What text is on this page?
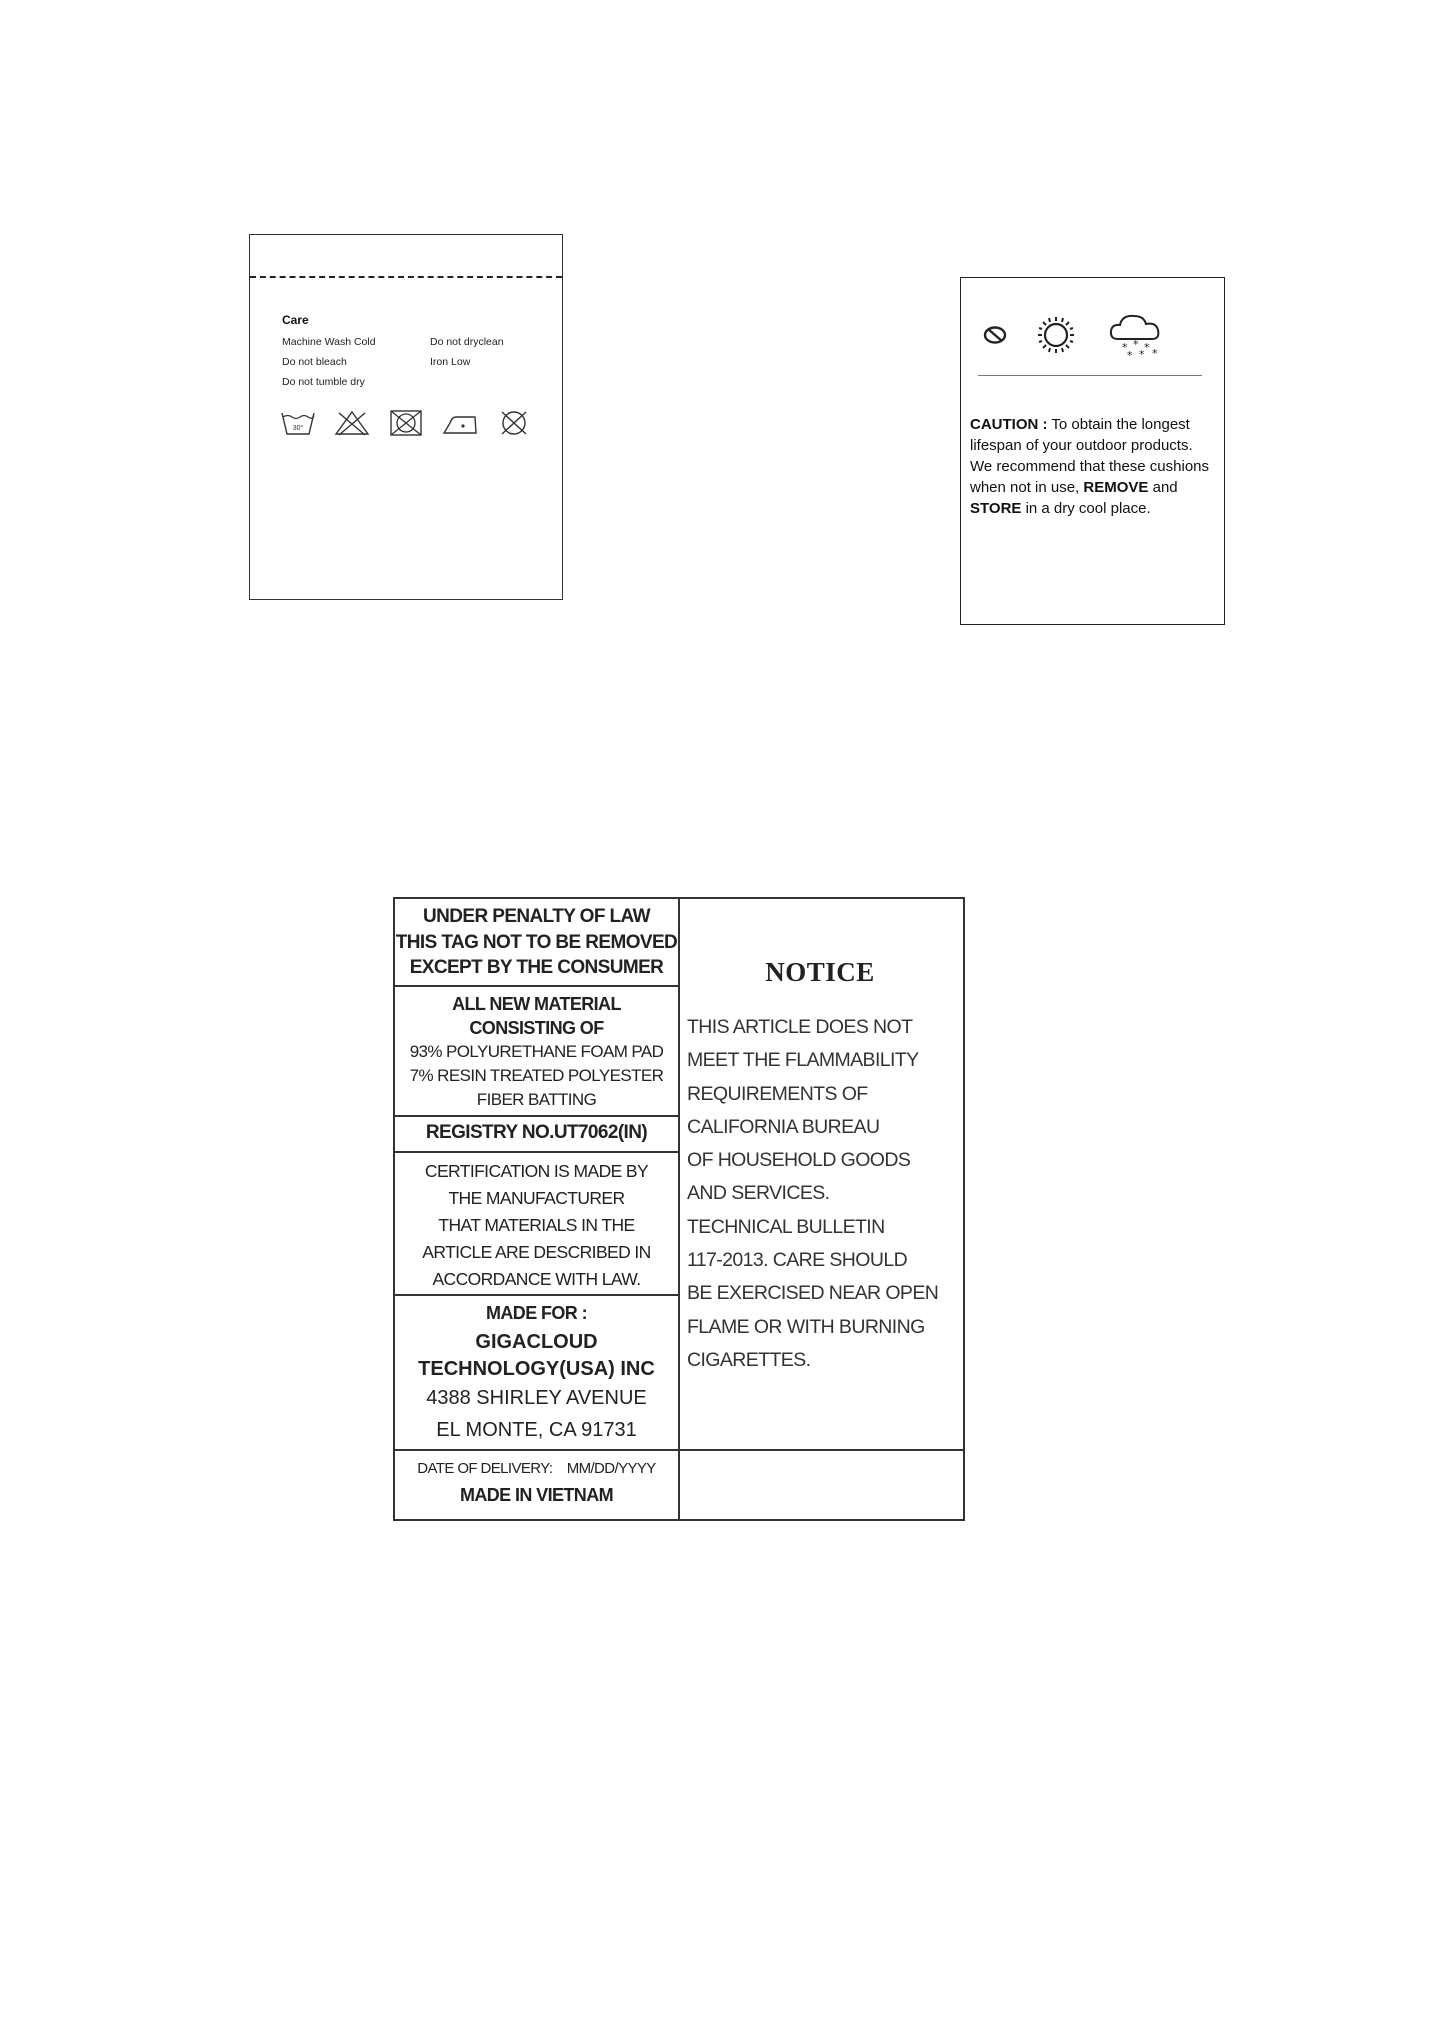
Care
Machine Wash Cold	Do not dryclean
Do not bleach	Iron Low
Do not tumble dry
30°
* * *
* * *
CAUTION : To obtain the longest lifespan of your outdoor products. We recommend that these cushions when not in use, REMOVE and STORE in a dry cool place.
UNDER PENALTY OF LAW
THIS TAG NOT TO BE REMOVED
EXCEPT BY THE CONSUMER
ALL NEW MATERIAL
CONSISTING OF
93% POLYURETHANE FOAM PAD
7% RESIN TREATED POLYESTER
FIBER BATTING
REGISTRY NO.UT7062(IN)
CERTIFICATION IS MADE BY
THE MANUFACTURER
THAT MATERIALS IN THE
ARTICLE ARE DESCRIBED IN
ACCORDANCE WITH LAW.
MADE FOR :
GIGACLOUD
TECHNOLOGY(USA) INC
4388 SHIRLEY AVENUE
EL MONTE, CA 91731
DATE OF DELIVERY: MM/DD/YYYY
MADE IN VIETNAM
NOTICE
THIS ARTICLE DOES NOT
MEET THE FLAMMABILITY
REQUIREMENTS OF
CALIFORNIA BUREAU
OF HOUSEHOLD GOODS
AND SERVICES.
TECHNICAL BULLETIN
117-2013. CARE SHOULD
BE EXERCISED NEAR OPEN
FLAME OR WITH BURNING
CIGARETTES.
